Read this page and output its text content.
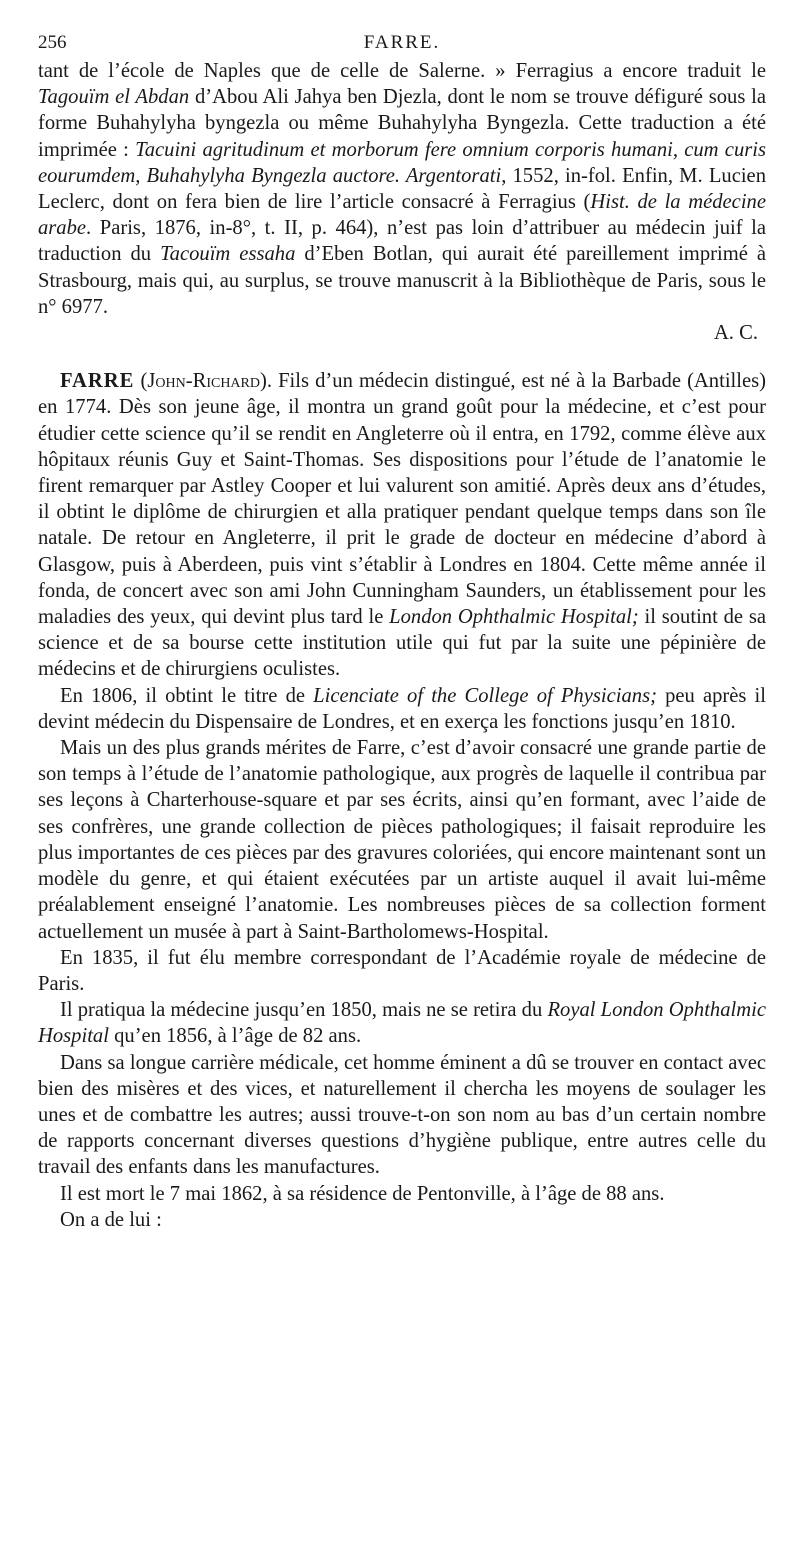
256	FARRE.

tant de l’école de Naples que de celle de Salerne. » Ferragius a encore traduit le Tagouïm el Abdan d’Abou Ali Jahya ben Djezla, dont le nom se trouve défiguré sous la forme Buhahylyha byngezla ou même Buhahylyha Byngezla. Cette traduction a été imprimée : Tacuini agritudinum et morborum fere omnium corporis humani, cum curis eourumdem, Buhahylyha Byngezla auctore. Argentorati, 1552, in-fol. Enfin, M. Lucien Leclerc, dont on fera bien de lire l’article consacré à Ferragius (Hist. de la médecine arabe. Paris, 1876, in-8°, t. II, p. 464), n’est pas loin d’attribuer au médecin juif la traduction du Tacouïm essaha d’Eben Botlan, qui aurait été pareillement imprimé à Strasbourg, mais qui, au surplus, se trouve manuscrit à la Bibliothèque de Paris, sous le n° 6977.

A. C.

FARRE (John-Richard). Fils d’un médecin distingué, est né à la Barbade (Antilles) en 1774. Dès son jeune âge, il montra un grand goût pour la médecine, et c’est pour étudier cette science qu’il se rendit en Angleterre où il entra, en 1792, comme élève aux hôpitaux réunis Guy et Saint-Thomas. Ses dispositions pour l’étude de l’anatomie le firent remarquer par Astley Cooper et lui valurent son amitié. Après deux ans d’études, il obtint le diplôme de chirurgien et alla pratiquer pendant quelque temps dans son île natale. De retour en Angleterre, il prit le grade de docteur en médecine d’abord à Glasgow, puis à Aberdeen, puis vint s’établir à Londres en 1804. Cette même année il fonda, de concert avec son ami John Cunningham Saunders, un établissement pour les maladies des yeux, qui devint plus tard le London Ophthalmic Hospital; il soutint de sa science et de sa bourse cette institution utile qui fut par la suite une pépinière de médecins et de chirurgiens oculistes.

En 1806, il obtint le titre de Licenciate of the College of Physicians; peu après il devint médecin du Dispensaire de Londres, et en exerça les fonctions jusqu’en 1810.

Mais un des plus grands mérites de Farre, c’est d’avoir consacré une grande partie de son temps à l’étude de l’anatomie pathologique, aux progrès de laquelle il contribua par ses leçons à Charterhouse-square et par ses écrits, ainsi qu’en formant, avec l’aide de ses confrères, une grande collection de pièces pathologiques; il faisait reproduire les plus importantes de ces pièces par des gravures coloriées, qui encore maintenant sont un modèle du genre, et qui étaient exécutées par un artiste auquel il avait lui-même préalablement enseigné l’anatomie. Les nombreuses pièces de sa collection forment actuellement un musée à part à Saint-Bartholomews-Hospital.

En 1835, il fut élu membre correspondant de l’Académie royale de médecine de Paris.

Il pratiqua la médecine jusqu’en 1850, mais ne se retira du Royal London Ophthalmic Hospital qu’en 1856, à l’âge de 82 ans.

Dans sa longue carrière médicale, cet homme éminent a dû se trouver en contact avec bien des misères et des vices, et naturellement il chercha les moyens de soulager les unes et de combattre les autres; aussi trouve-t-on son nom au bas d’un certain nombre de rapports concernant diverses questions d’hygiène publique, entre autres celle du travail des enfants dans les manufactures.

Il est mort le 7 mai 1862, à sa résidence de Pentonville, à l’âge de 88 ans.

On a de lui :
